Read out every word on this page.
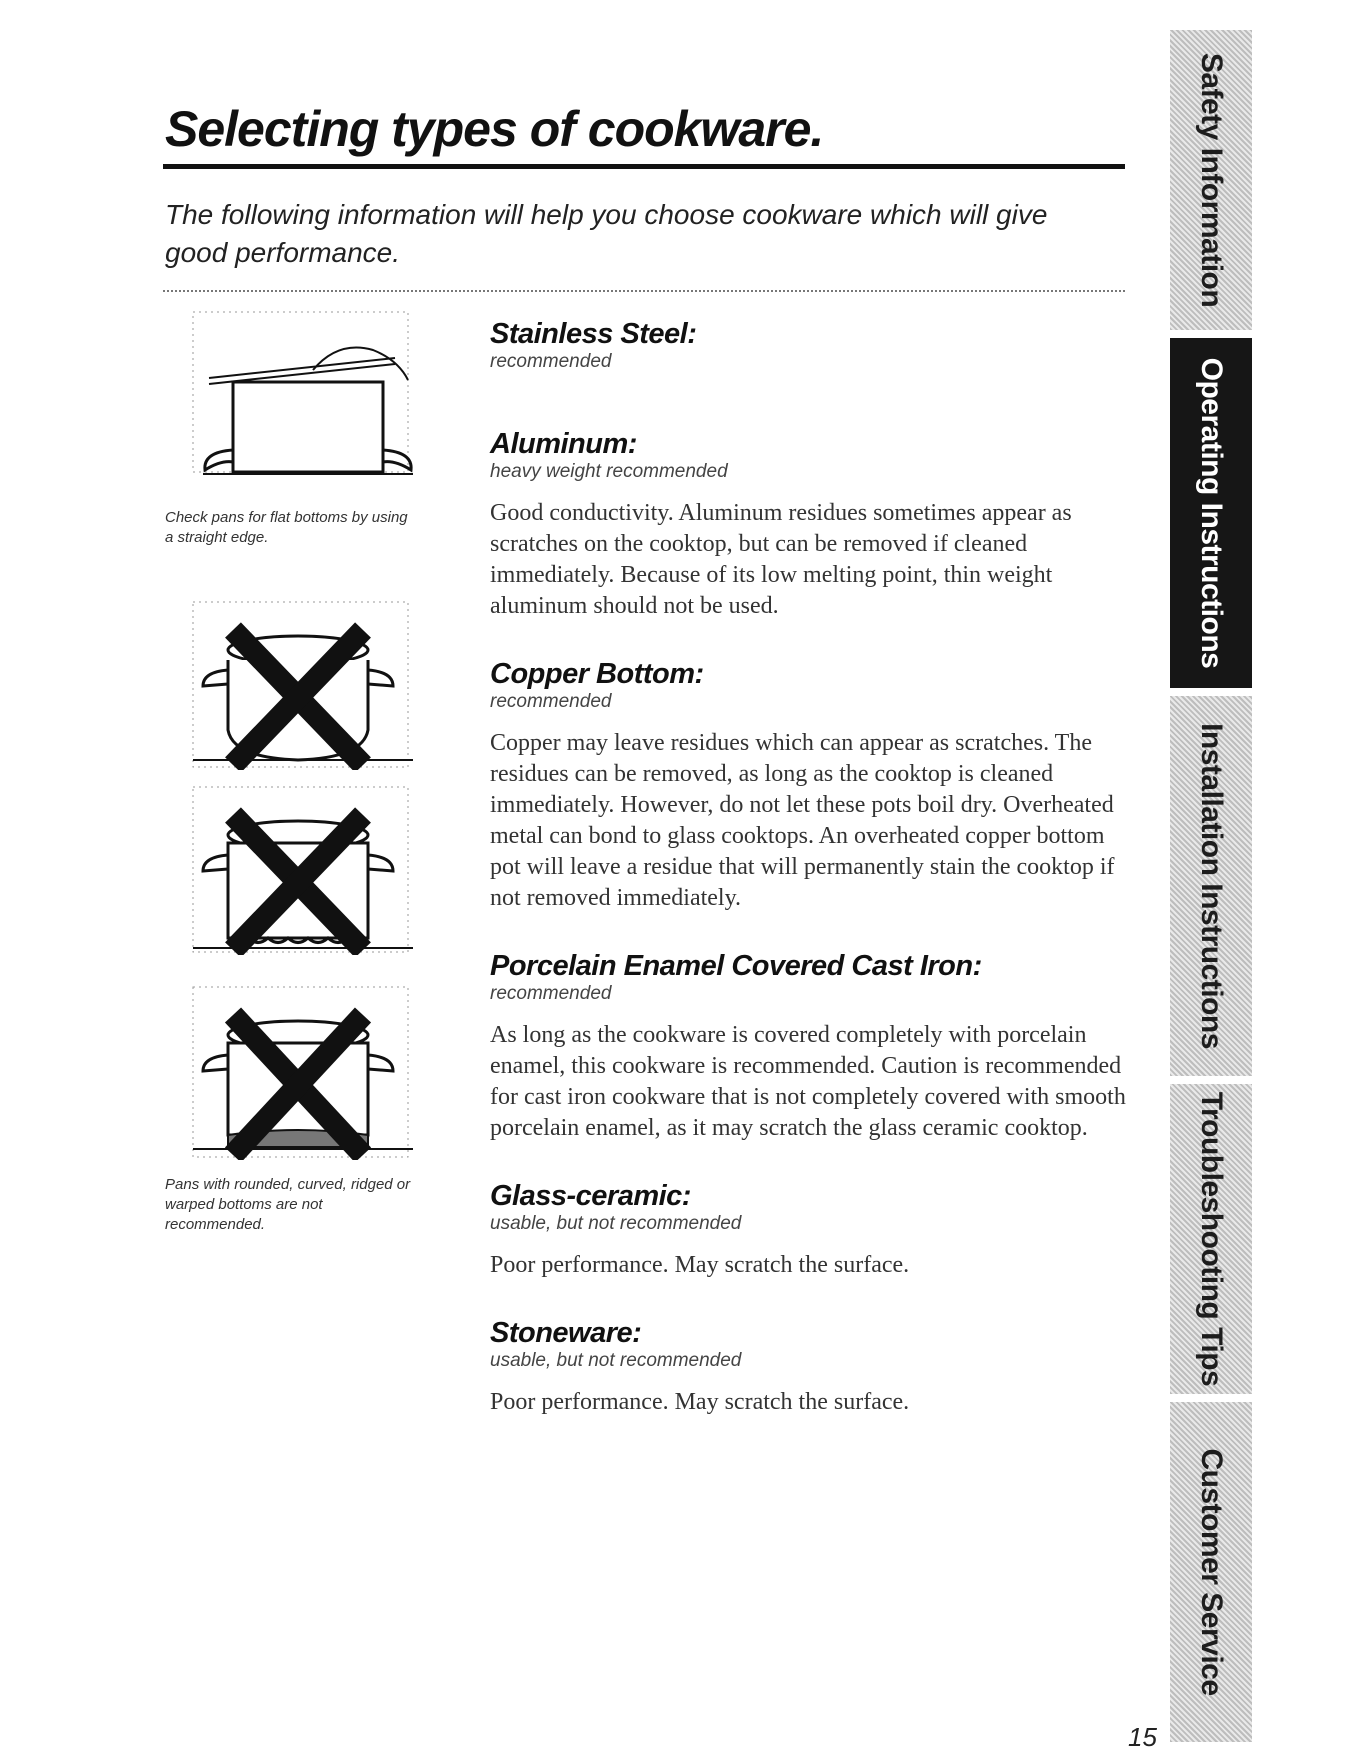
Selecting types of cookware.

The following information will help you choose cookware which will give good performance.

Check pans for flat bottoms by using a straight edge.

Pans with rounded, curved, ridged or warped bottoms are not recommended.

Stainless Steel:

recommended

Aluminum:

heavy weight recommended

Good conductivity. Aluminum residues sometimes appear as scratches on the cooktop, but can be removed if cleaned immediately. Because of its low melting point, thin weight aluminum should not be used.

Copper Bottom:

recommended

Copper may leave residues which can appear as scratches. The residues can be removed, as long as the cooktop is cleaned immediately. However, do not let these pots boil dry. Overheated metal can bond to glass cooktops. An overheated copper bottom pot will leave a residue that will permanently stain the cooktop if not removed immediately.

Porcelain Enamel Covered Cast Iron:

recommended

As long as the cookware is covered completely with porcelain enamel, this cookware is recommended. Caution is recommended for cast iron cookware that is not completely covered with smooth porcelain enamel, as it may scratch the glass ceramic cooktop.

Glass-ceramic:

usable, but not recommended

Poor performance. May scratch the surface.

Stoneware:

usable, but not recommended

Poor performance. May scratch the surface.

Safety Information
Operating Instructions
Installation Instructions
Troubleshooting Tips
Customer Service
15
